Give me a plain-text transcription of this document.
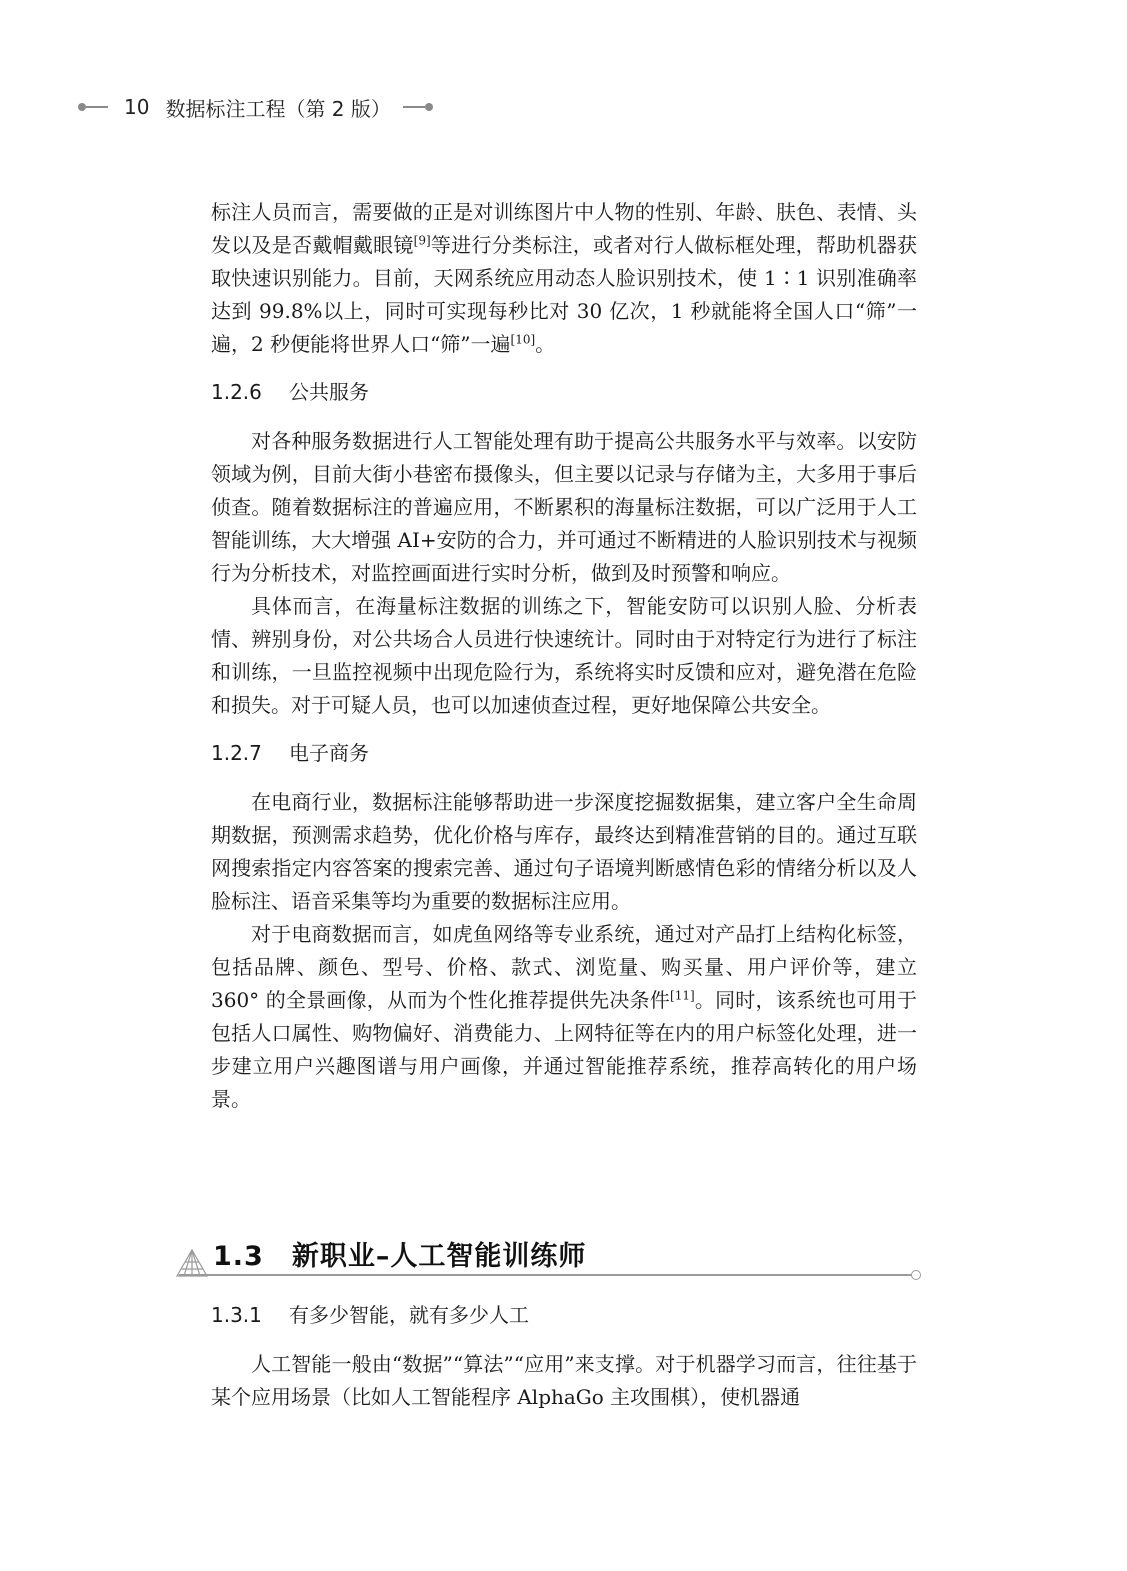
10 数据标注工程（第 2 版）

标注人员而言，需要做的正是对训练图片中人物的性别、年龄、肤色、表情、头发以及是否戴帽戴眼镜[9]等进行分类标注，或者对行人做标框处理，帮助机器获取快速识别能力。目前，天网系统应用动态人脸识别技术，使 1∶1 识别准确率达到 99.8%以上，同时可实现每秒比对 30 亿次，1 秒就能将全国人口“筛”一遍，2 秒便能将世界人口“筛”一遍[10]。

1.2.6 公共服务

对各种服务数据进行人工智能处理有助于提高公共服务水平与效率。以安防领域为例，目前大街小巷密布摄像头，但主要以记录与存储为主，大多用于事后侦查。随着数据标注的普遍应用，不断累积的海量标注数据，可以广泛用于人工智能训练，大大增强 AI+安防的合力，并可通过不断精进的人脸识别技术与视频行为分析技术，对监控画面进行实时分析，做到及时预警和响应。

具体而言，在海量标注数据的训练之下，智能安防可以识别人脸、分析表情、辨别身份，对公共场合人员进行快速统计。同时由于对特定行为进行了标注和训练，一旦监控视频中出现危险行为，系统将实时反馈和应对，避免潜在危险和损失。对于可疑人员，也可以加速侦查过程，更好地保障公共安全。

1.2.7 电子商务

在电商行业，数据标注能够帮助进一步深度挖掘数据集，建立客户全生命周期数据，预测需求趋势，优化价格与库存，最终达到精准营销的目的。通过互联网搜索指定内容答案的搜索完善、通过句子语境判断感情色彩的情绪分析以及人脸标注、语音采集等均为重要的数据标注应用。

对于电商数据而言，如虎鱼网络等专业系统，通过对产品打上结构化标签，包括品牌、颜色、型号、价格、款式、浏览量、购买量、用户评价等，建立 360° 的全景画像，从而为个性化推荐提供先决条件[11]。同时，该系统也可用于包括人口属性、购物偏好、消费能力、上网特征等在内的用户标签化处理，进一步建立用户兴趣图谱与用户画像，并通过智能推荐系统，推荐高转化的用户场景。

1.3 新职业–人工智能训练师
1.3.1 有多少智能，就有多少人工

人工智能一般由“数据”“算法”“应用”来支撑。对于机器学习而言，往往基于某个应用场景（比如人工智能程序 AlphaGo 主攻围棋），使机器通
